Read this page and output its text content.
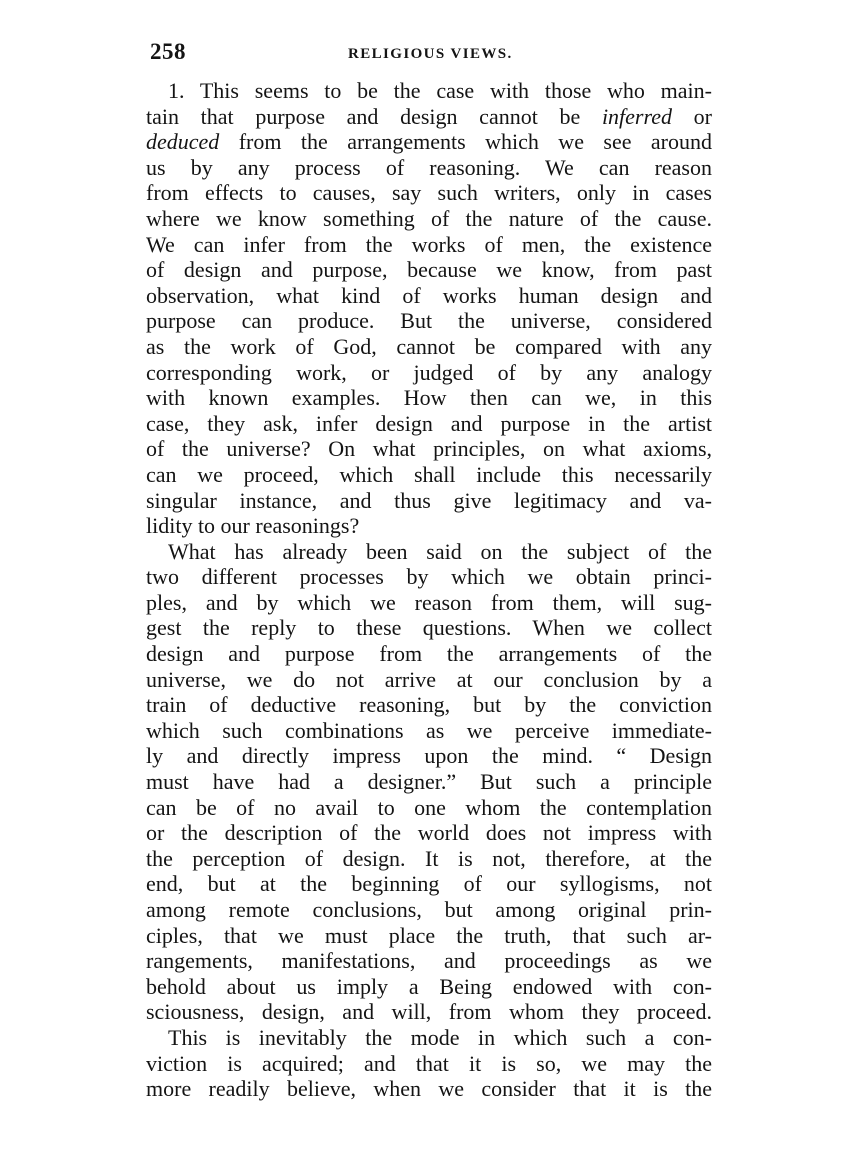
258	RELIGIOUS VIEWS.
1. This seems to be the case with those who main-
tain that purpose and design cannot be inferred or
deduced from the arrangements which we see around
us by any process of reasoning. We can reason
from effects to causes, say such writers, only in cases
where we know something of the nature of the cause.
We can infer from the works of men, the existence
of design and purpose, because we know, from past
observation, what kind of works human design and
purpose can produce. But the universe, considered
as the work of God, cannot be compared with any
corresponding work, or judged of by any analogy
with known examples. How then can we, in this
case, they ask, infer design and purpose in the artist
of the universe? On what principles, on what axioms,
can we proceed, which shall include this necessarily
singular instance, and thus give legitimacy and va-
lidity to our reasonings?
What has already been said on the subject of the
two different processes by which we obtain princi-
ples, and by which we reason from them, will sug-
gest the reply to these questions. When we collect
design and purpose from the arrangements of the
universe, we do not arrive at our conclusion by a
train of deductive reasoning, but by the conviction
which such combinations as we perceive immediate-
ly and directly impress upon the mind. “ Design
must have had a designer.” But such a principle
can be of no avail to one whom the contemplation
or the description of the world does not impress with
the perception of design. It is not, therefore, at the
end, but at the beginning of our syllogisms, not
among remote conclusions, but among original prin-
ciples, that we must place the truth, that such ar-
rangements, manifestations, and proceedings as we
behold about us imply a Being endowed with con-
sciousness, design, and will, from whom they proceed.
This is inevitably the mode in which such a con-
viction is acquired; and that it is so, we may the
more readily believe, when we consider that it is the
